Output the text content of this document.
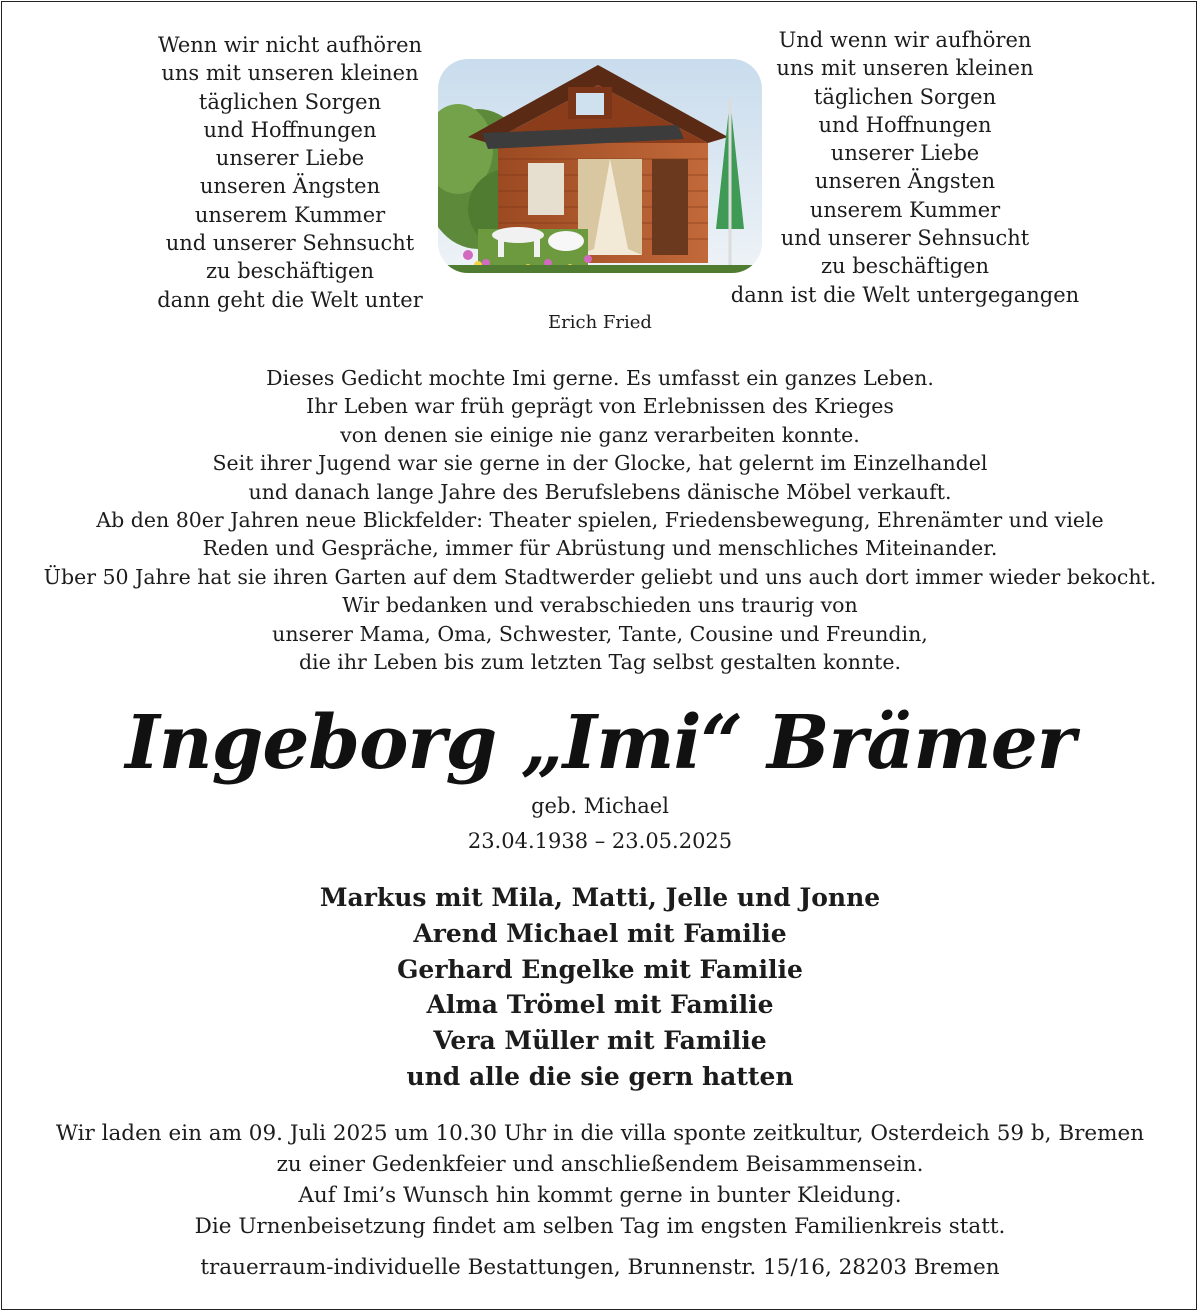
Wenn wir nicht aufhören
uns mit unseren kleinen
täglichen Sorgen
und Hoffnungen
unserer Liebe
unseren Ängsten
unserem Kummer
und unserer Sehnsucht
zu beschäftigen
dann geht die Welt unter
Und wenn wir aufhören
uns mit unseren kleinen
täglichen Sorgen
und Hoffnungen
unserer Liebe
unseren Ängsten
unserem Kummer
und unserer Sehnsucht
zu beschäftigen
dann ist die Welt untergegangen
Erich Fried
Dieses Gedicht mochte Imi gerne. Es umfasst ein ganzes Leben.
Ihr Leben war früh geprägt von Erlebnissen des Krieges
von denen sie einige nie ganz verarbeiten konnte.
Seit ihrer Jugend war sie gerne in der Glocke, hat gelernt im Einzelhandel
und danach lange Jahre des Berufslebens dänische Möbel verkauft.
Ab den 80er Jahren neue Blickfelder: Theater spielen, Friedensbewegung, Ehrenämter und viele
Reden und Gespräche, immer für Abrüstung und menschliches Miteinander.
Über 50 Jahre hat sie ihren Garten auf dem Stadtwerder geliebt und uns auch dort immer wieder bekocht.
Wir bedanken und verabschieden uns traurig von
unserer Mama, Oma, Schwester, Tante, Cousine und Freundin,
die ihr Leben bis zum letzten Tag selbst gestalten konnte.
Ingeborg „Imi“ Brämer
geb. Michael
23.04.1938 – 23.05.2025
Markus mit Mila, Matti, Jelle und Jonne
Arend Michael mit Familie
Gerhard Engelke mit Familie
Alma Trömel mit Familie
Vera Müller mit Familie
und alle die sie gern hatten
Wir laden ein am 09. Juli 2025 um 10.30 Uhr in die villa sponte zeitkultur, Osterdeich 59 b, Bremen
zu einer Gedenkfeier und anschließendem Beisammensein.
Auf Imi’s Wunsch hin kommt gerne in bunter Kleidung.
Die Urnenbeisetzung findet am selben Tag im engsten Familienkreis statt.
trauerraum-individuelle Bestattungen, Brunnenstr. 15/16, 28203 Bremen
